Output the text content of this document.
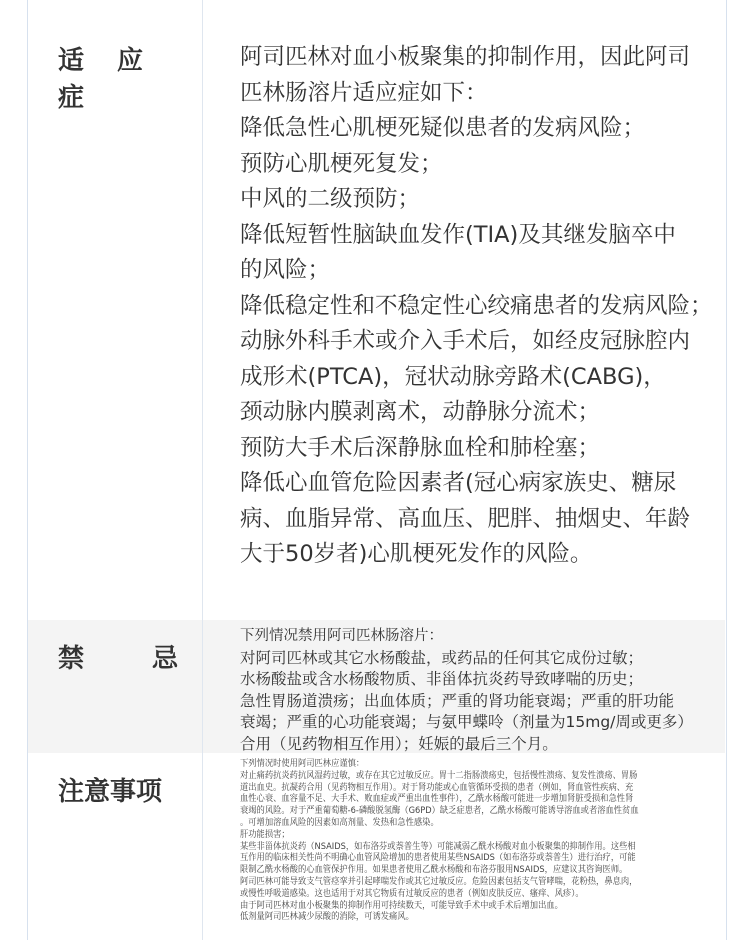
适 应 症
阿司匹林对血小板聚集的抑制作用，因此阿司
匹林肠溶片适应症如下：
降低急性心肌梗死疑似患者的发病风险；
预防心肌梗死复发；
中风的二级预防；
降低短暂性脑缺血发作(TIA)及其继发脑卒中
的风险；
降低稳定性和不稳定性心绞痛患者的发病风险；
动脉外科手术或介入手术后，如经皮冠脉腔内
成形术(PTCA)，冠状动脉旁路术(CABG)，
颈动脉内膜剥离术，动静脉分流术；
预防大手术后深静脉血栓和肺栓塞；
降低心血管危险因素者(冠心病家族史、糖尿
病、血脂异常、高血压、肥胖、抽烟史、年龄
大于50岁者)心肌梗死发作的风险。
禁	忌
下列情况禁用阿司匹林肠溶片：
对阿司匹林或其它水杨酸盐，或药品的任何其它成份过敏；
水杨酸盐或含水杨酸物质、非甾体抗炎药导致哮喘的历史；
急性胃肠道溃疡；出血体质；严重的肾功能衰竭；严重的肝功能
衰竭；严重的心功能衰竭；与氨甲蝶呤（剂量为15mg/周或更多）
合用（见药物相互作用）；妊娠的最后三个月。
注意事项
下列情况时使用阿司匹林应谨慎：
对止痛药抗炎药抗风湿药过敏，或存在其它过敏反应。胃十二指肠溃疡史，包括慢性溃疡、复发性溃疡、胃肠
道出血史。抗凝药合用（见药物相互作用）。对于肾功能或心血管循环受损的患者（例如，肾血管性疾病、充
血性心衰、血容量不足、大手术、败血症或严重出血性事件），乙酰水杨酸可能进一步增加肾脏受损和急性肾
衰竭的风险。对于严重葡萄糖-6-磷酸脱氢酶（G6PD）缺乏症患者，乙酰水杨酸可能诱导溶血或者溶血性贫血
。可增加溶血风险的因素如高剂量、发热和急性感染。
肝功能损害；
某些非甾体抗炎药（NSAIDS，如布洛芬或萘普生等）可能减弱乙酰水杨酸对血小板聚集的抑制作用。这些相
互作用的临床相关性尚不明确心血管风险增加的患者使用某些NSAIDS（如布洛芬或萘普生）进行治疗，可能
限制乙酰水杨酸的心血管保护作用。如果患者使用乙酰水杨酸和布洛芬服用NSAIDS，应建议其咨询医师。
阿司匹林可能导致支气管痉挛并引起哮喘发作或其它过敏反应。危险因素包括支气管哮喘，花粉热，鼻息肉，
或慢性呼吸道感染。这也适用于对其它物质有过敏反应的患者（例如皮肤反应、瘙痒、风疹）。
由于阿司匹林对血小板聚集的抑制作用可持续数天，可能导致手术中或手术后增加出血。
低剂量阿司匹林减少尿酸的消除，可诱发痛风。
